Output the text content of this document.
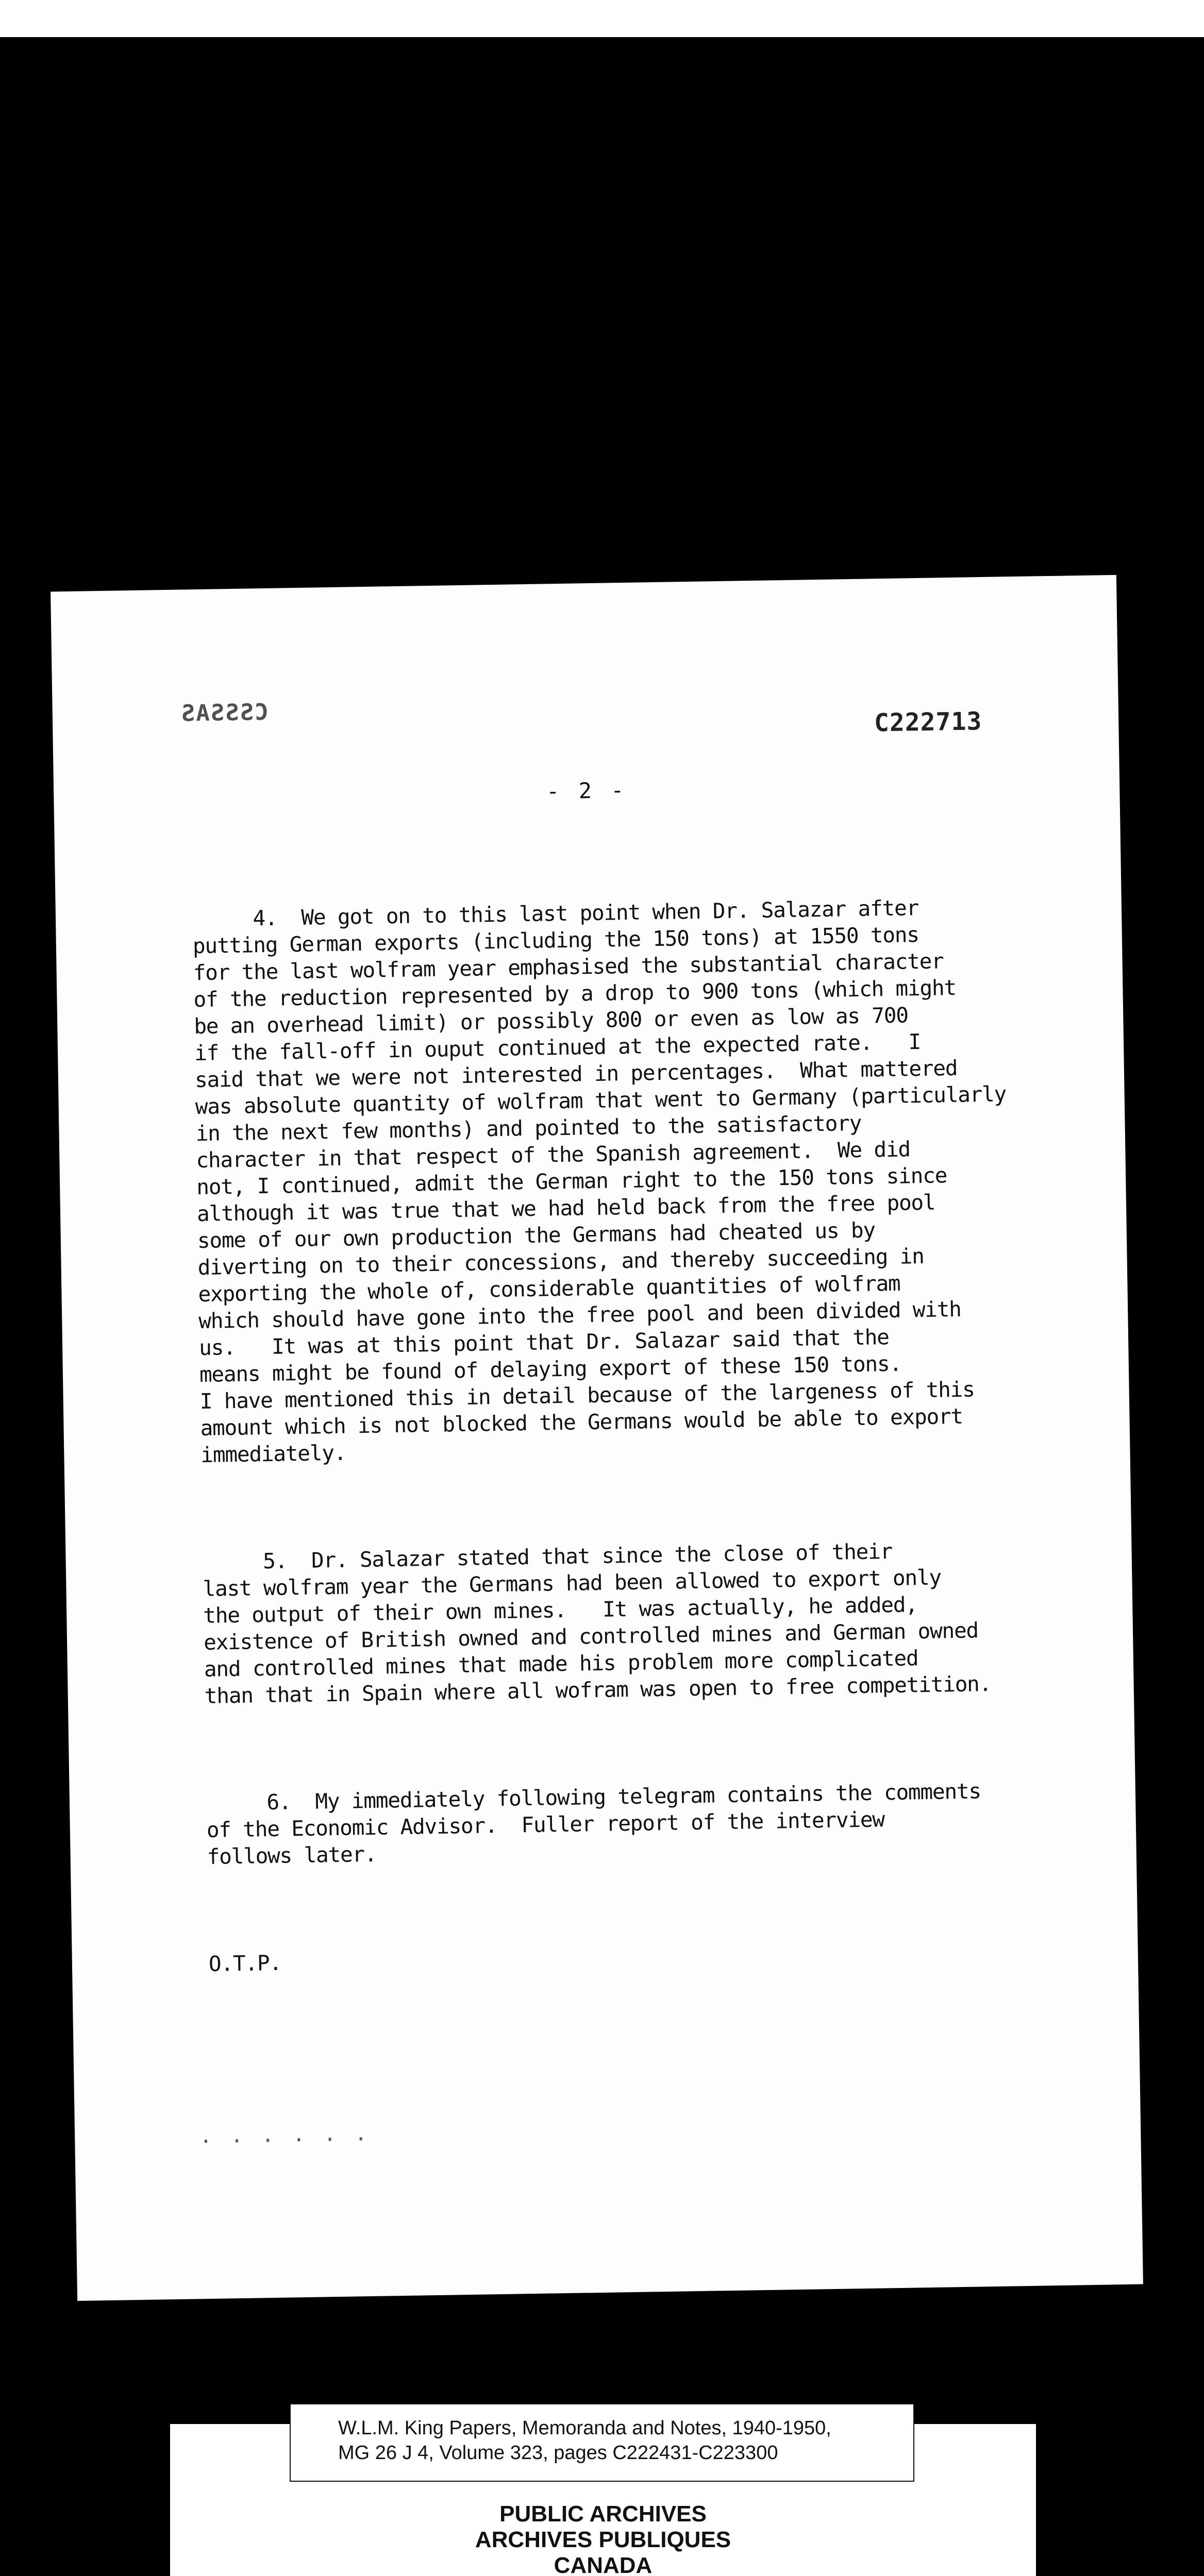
CSSSAS	C222713
- 2 -

4.  We got on to this last point when Dr. Salazar after
putting German exports (including the 150 tons) at 1550 tons
for the last wolfram year emphasised the substantial character
of the reduction represented by a drop to 900 tons (which might
be an overhead limit) or possibly 800 or even as low as 700
if the fall-off in ouput continued at the expected rate.   I
said that we were not interested in percentages.  What mattered
was absolute quantity of wolfram that went to Germany (particularly
in the next few months) and pointed to the satisfactory
character in that respect of the Spanish agreement.  We did
not, I continued, admit the German right to the 150 tons since
although it was true that we had held back from the free pool
some of our own production the Germans had cheated us by
diverting on to their concessions, and thereby succeeding in
exporting the whole of, considerable quantities of wolfram
which should have gone into the free pool and been divided with
us.   It was at this point that Dr. Salazar said that the
means might be found of delaying export of these 150 tons.
I have mentioned this in detail because of the largeness of this
amount which is not blocked the Germans would be able to export
immediately.

5.  Dr. Salazar stated that since the close of their
last wolfram year the Germans had been allowed to export only
the output of their own mines.   It was actually, he added,
existence of British owned and controlled mines and German owned
and controlled mines that made his problem more complicated
than that in Spain where all wofram was open to free competition.

6.  My immediately following telegram contains the comments
of the Economic Advisor.  Fuller report of the interview
follows later.

O.T.P.

· · · · · ·
W.L.M. King Papers, Memoranda and Notes, 1940-1950,
MG 26 J 4, Volume 323, pages C222431-C223300
PUBLIC ARCHIVES
ARCHIVES PUBLIQUES
CANADA
